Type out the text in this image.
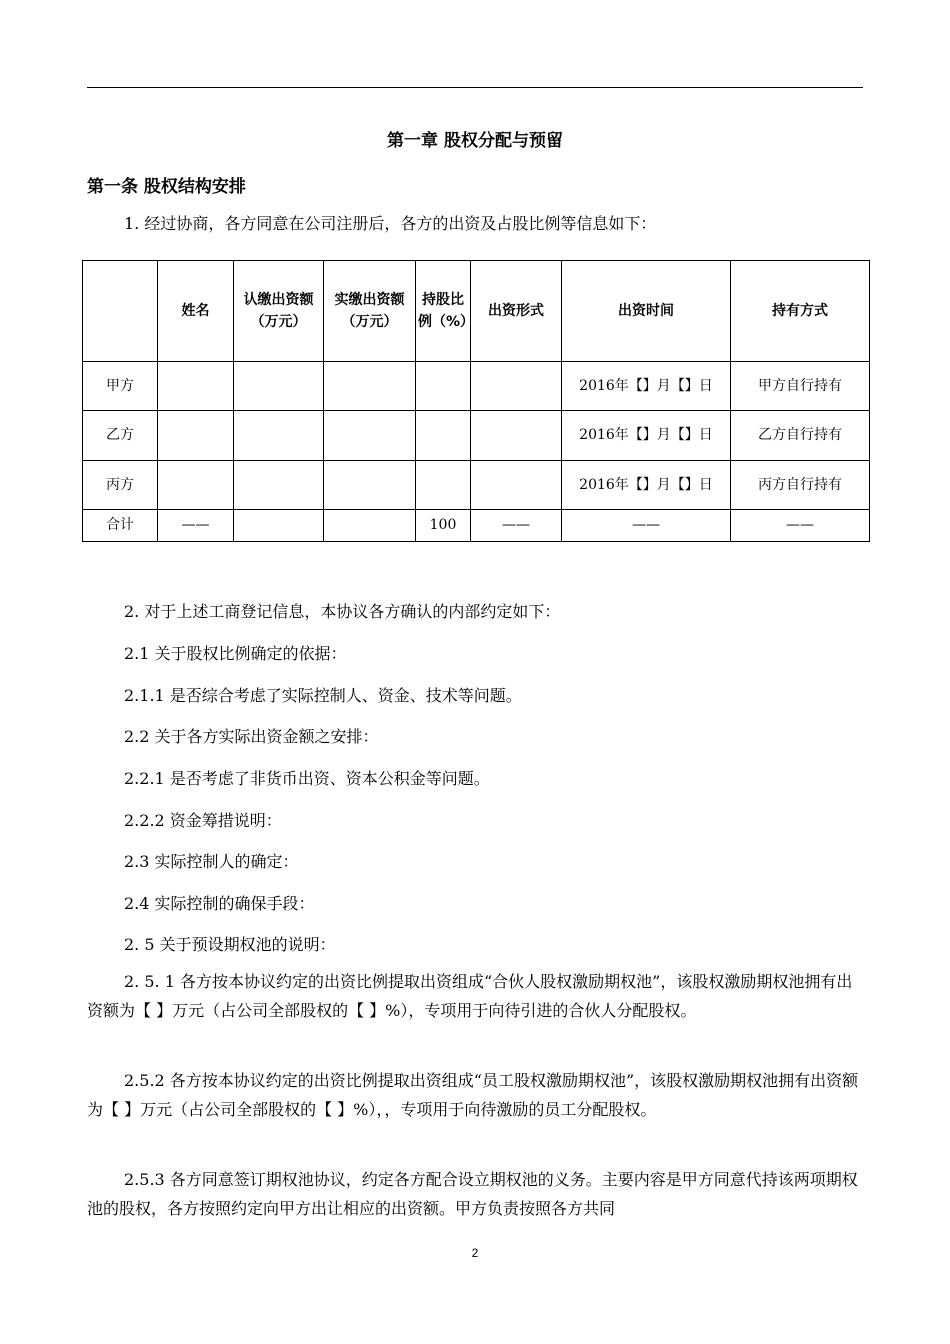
第一章 股权分配与预留
第一条 股权结构安排
1. 经过协商，各方同意在公司注册后，各方的出资及占股比例等信息如下：
	姓名	认缴出资额（万元）	实缴出资额（万元）	持股比例（%）	出资形式	出资时间	持有方式
甲方						2016年【】月【】日	甲方自行持有
乙方						2016年【】月【】日	乙方自行持有
丙方						2016年【】月【】日	丙方自行持有
合计	——			100	——	——	——
2. 对于上述工商登记信息，本协议各方确认的内部约定如下：
2.1 关于股权比例确定的依据：
2.1.1 是否综合考虑了实际控制人、资金、技术等问题。
2.2 关于各方实际出资金额之安排：
2.2.1 是否考虑了非货币出资、资本公积金等问题。
2.2.2 资金筹措说明：
2.3 实际控制人的确定：
2.4 实际控制的确保手段：
2. 5 关于预设期权池的说明：
2. 5. 1 各方按本协议约定的出资比例提取出资组成“合伙人股权激励期权池”，该股权激励期权池拥有出资额为【 】万元（占公司全部股权的【 】%），专项用于向待引进的合伙人分配股权。
2.5.2 各方按本协议约定的出资比例提取出资组成“员工股权激励期权池”，该股权激励期权池拥有出资额为【 】万元（占公司全部股权的【 】%），，专项用于向待激励的员工分配股权。
2.5.3 各方同意签订期权池协议，约定各方配合设立期权池的义务。主要内容是甲方同意代持该两项期权池的股权，各方按照约定向甲方出让相应的出资额。甲方负责按照各方共同
2
